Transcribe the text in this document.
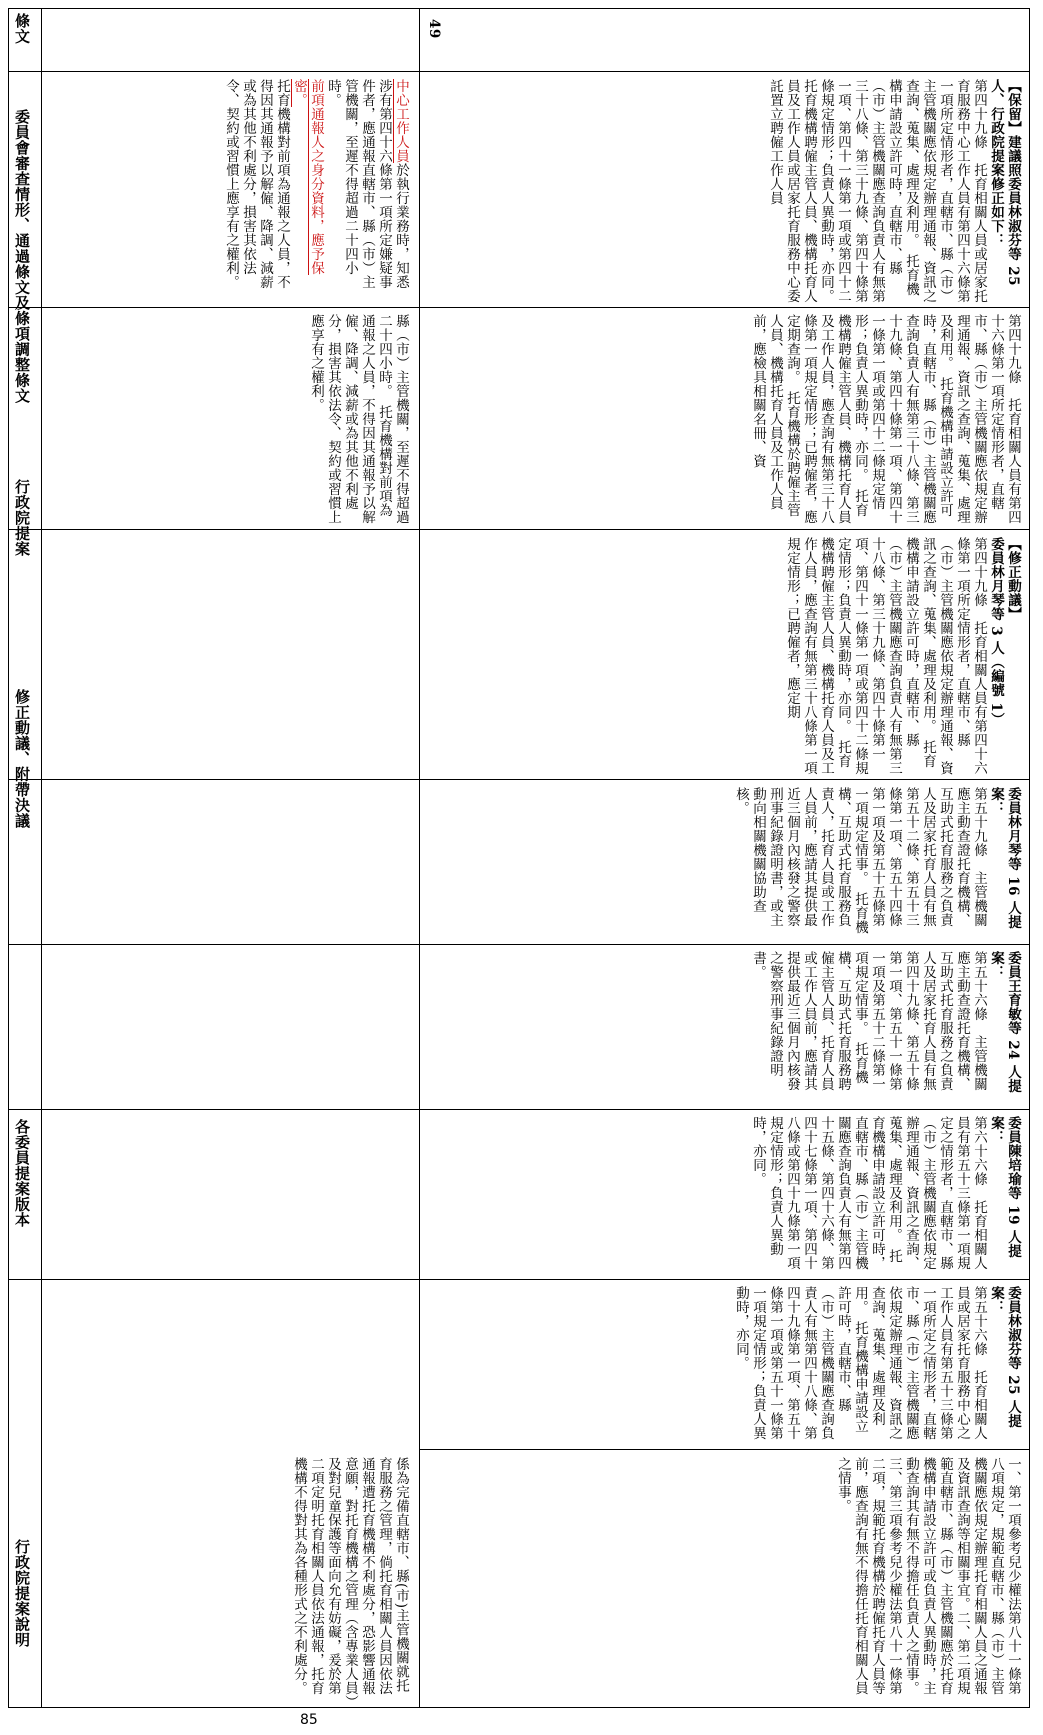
條文
委員會審查情形、通過條文及條項調整條文
行政院提案
修正動議、附帶決議
各委員提案版本
行政院提案說明
中心工作人員於執行業務時，知悉涉有第四十六條第一項所定嫌疑事件者，應通報直轄市、縣（市）主管機關，至遲不得超過二十四小時。
前項通報人之身分資料，應予保密。
托育機構對前項為通報之人員，不得因其通報予以解僱、降調、減薪或為其他不利處分，損害其依法令、契約或習慣上應享有之權利。
縣（市）主管機關，至遲不得超過二十四小時。　托育機構對前項為通報之人員，不得因其通報予以解僱、降調、減薪或為其他不利處分，損害其依法令、契約或習慣上應享有之權利。
係為完備直轄市、縣(市)主管機關就托育服務之管理，倘托育相關人員因依法通報遭托育機構不利處分，恐影響通報意願，對托育機構之管理（含專業人員）及對兒童保護等面向允有妨礙，爰於第二項定明托育相關人員依法通報，托育機構不得對其為各種形式之不利處分。
49
【保留】建議照委員林淑芬等 25 人、行政院提案修正如下：
第四十九條　托育相關人員或居家托育服務中心工作人員有第四十六條第一項所定情形者，直轄市、縣（市）主管機關應依規定辦理通報、資訊之查詢、蒐集、處理及利用。　托育機構申請設立許可時，直轄市、縣（市）主管機關應查詢負責人有無第三十八條、第三十九條、第四十條第一項、第四十一條第一項或第四十二條規定情形；負責人異動時，亦同。　托育機構聘僱主管人員、機構托育人員及工作人員或居家托育服務中心委託置立聘僱工作人員
第四十九條　托育相關人員有第四十六條第一項所定情形者，直轄市、縣（市）主管機關應依規定辦理通報、資訊之查詢、蒐集、處理及利用。　托育機構申請設立許可時，直轄市、縣（市）主管機關應查詢負責人有無第三十八條、第三十九條、第四十條第一項、第四十一條第一項或第四十二條規定情形；負責人異動時，亦同。　托育機構聘僱主管人員、機構托育人員及工作人員，應查詢有無第三十八條第一項規定情形；已聘僱者，應定期查詢。　托育機構於聘僱主管人員、機構托育人員及工作人員前，應檢具相關名冊、資
【修正動議】
委員林月琴等 3 人（編號 1）
第四十九條　托育相關人員有第四十六條第一項所定情形者，直轄市、縣（市）主管機關應依規定辦理通報、資訊之查詢、蒐集、處理及利用。　托育機構申請設立許可時，直轄市、縣（市）主管機關應查詢負責人有無第三十八條、第三十九條、第四十條第一項、第四十一條第一項或第四十二條規定情形；負責人異動時，亦同。　托育機構聘僱主管人員、機構托育人員及工作人員，應查詢有無第三十八條第一項規定情形；已聘僱者，應定期
委員林月琴等 16 人提案：
第五十九條　主管機關應主動查證托育機構、互助式托育服務之負責人及居家托育人員有無第五十二條、第五十三條第一項、第五十四條第一項及第五十五條第一項規定情事。　托育機構、互助式托育服務負責人，托育人員或工作人員前，應請其提供最近三個月內核發之警察刑事紀錄證明書，或主動向相關機關協助查核。
委員王育敏等 24 人提案：
第五十六條　主管機關應主動查證托育機構、互助式托育服務之負責人及居家托育人員有無第四十九條、第五十條第一項、第五十一條第一項及第五十二條第一項規定情事。　托育機構、互助式托育服務聘僱主管人員、托育人員或工作人員前，應請其提供最近三個月內核發之警察刑事紀錄證明書。
委員陳培瑜等 19 人提案：
第六十六條　托育相關人員有第五十三條第一項規定之情形者，直轄市、縣（市）主管機關應依規定辦理通報、資訊之查詢、蒐集、處理及利用。　托育機構申請設立許可時，直轄市、縣（市）主管機關應查詢負責人有無第四十五條、第四十六條、第四十七條第一項、第四十八條或第四十九條第一項規定情形；負責人異動時，亦同。
委員林淑芬等 25 人提案：
第五十六條　托育相關人員或居家托育服務中心之工作人員有第五十三條第一項所定之情形者，直轄市、縣（市）主管機關應依規定辦理通報、資訊之查詢、蒐集、處理及利用。　托育機構申請設立許可時，直轄市、縣（市）主管機關應查詢負責人有無第四十八條、第四十九條第一項、第五十條第一項或第五十一條第一項規定情形；負責人異動時，亦同。
一、第一項參考兒少權法第八十一條第八項規定，規範直轄市、縣（市）主管機關應依規定辦理托育相關人員之通報及資訊查詢等相關事宜。二、第二項規範直轄市、縣（市）主管機關應於托育機構申請設立許可或負責人異動時，主動查詢其有無不得擔任負責人之情事。三、第三項參考兒少權法第八十一條第二項，規範托育機構於聘僱托育人員等前，應查詢有無不得擔任托育相關人員之情事。
85
